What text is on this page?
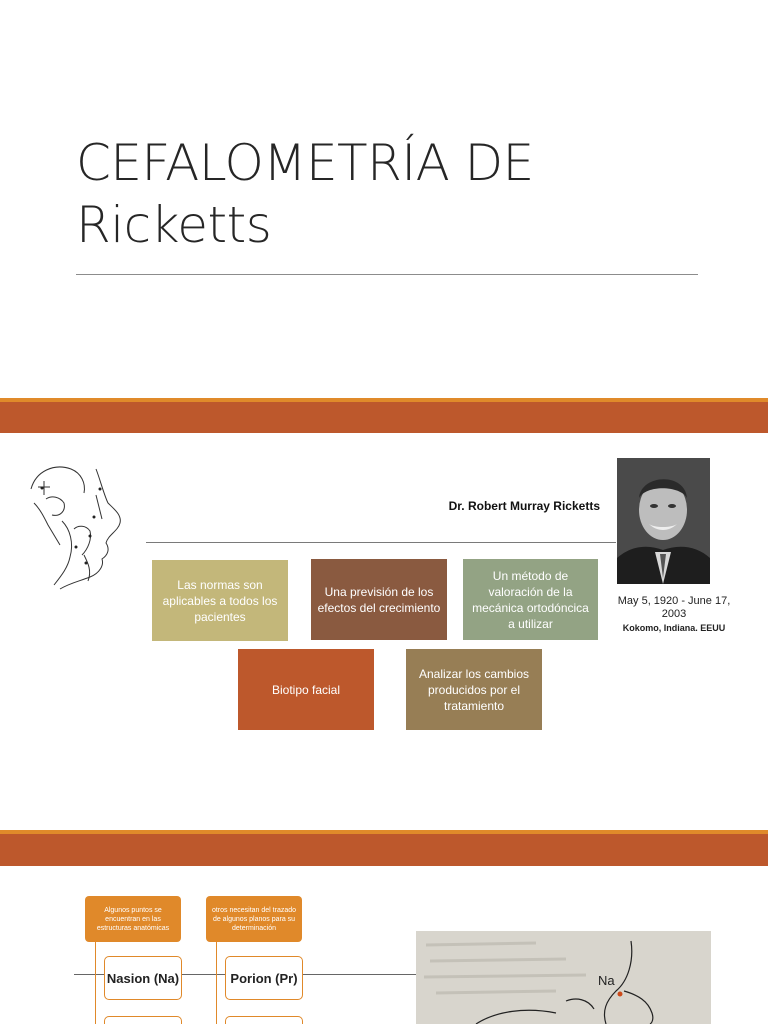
CEFALOMETRÍA DE
Ricketts
Dr. Robert Murray Ricketts
May 5, 1920 - June 17, 2003
Kokomo, Indiana. EEUU
Las normas son aplicables a todos los pacientes
Una previsión de los efectos del crecimiento
Un método de valoración de la mecánica ortodóncica a utilizar
Biotipo facial
Analizar los cambios producidos por el tratamiento
Algunos puntos se encuentran en las estructuras anatómicas
otros necesitan del trazado de algunos planos para su determinación
Nasion (Na)	Porion (Pr)	Na
